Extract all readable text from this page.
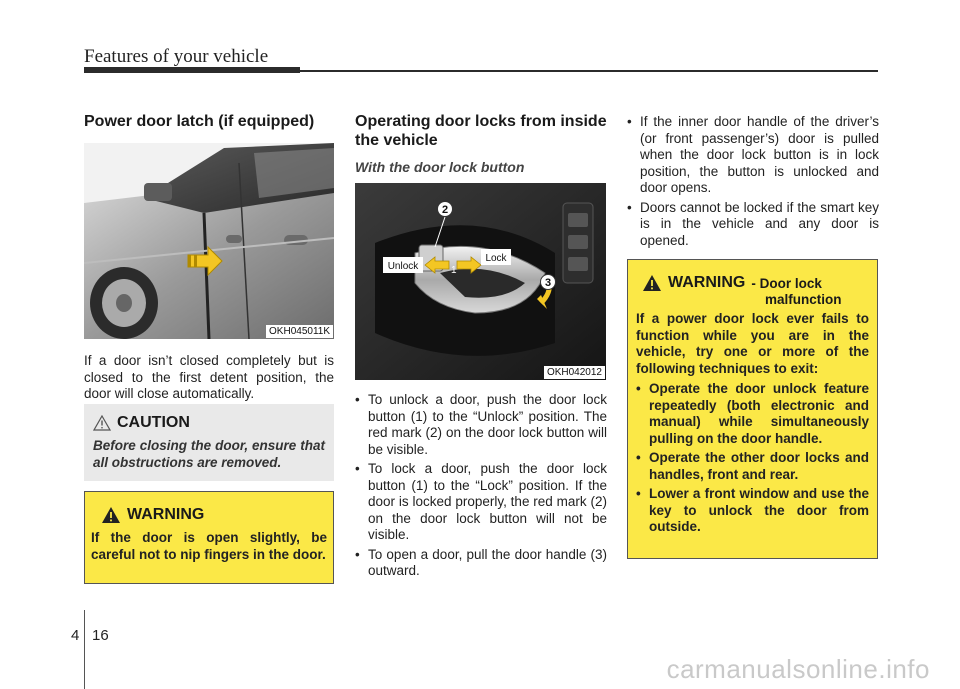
Features of your vehicle
Power door latch (if equipped)
OKH045011K
If a door isn’t closed completely but is closed to the first detent position, the door will close automatically.
CAUTION
Before closing the door, ensure that all obstructions are removed.
WARNING
If the door is open slightly, be careful not to nip fingers in the door.
Operating door locks from inside the vehicle
With the door lock button
Unlock
Lock
1
2
3
OKH042012
• To unlock a door, push the door lock button (1) to the “Unlock” position. The red mark (2) on the door lock button will be visible.
• To lock a door, push the door lock button (1) to the “Lock” position. If the door is locked properly, the red mark (2) on the door lock button will not be visible.
• To open a door, pull the door handle (3) outward.
• If the inner door handle of the driver’s (or front passenger’s) door is pulled when the door lock button is in lock position, the button is unlocked and door opens.
• Doors cannot be locked if the smart key is in the vehicle and any door is opened.
WARNING - Door lock
malfunction
If a power door lock ever fails to function while you are in the vehicle, try one or more of the following techniques to exit:
• Operate the door unlock feature repeatedly (both electronic and manual) while simultaneously pulling on the door handle.
• Operate the other door locks and handles, front and rear.
• Lower a front window and use the key to unlock the door from outside.
4 16
carmanualsonline.info
